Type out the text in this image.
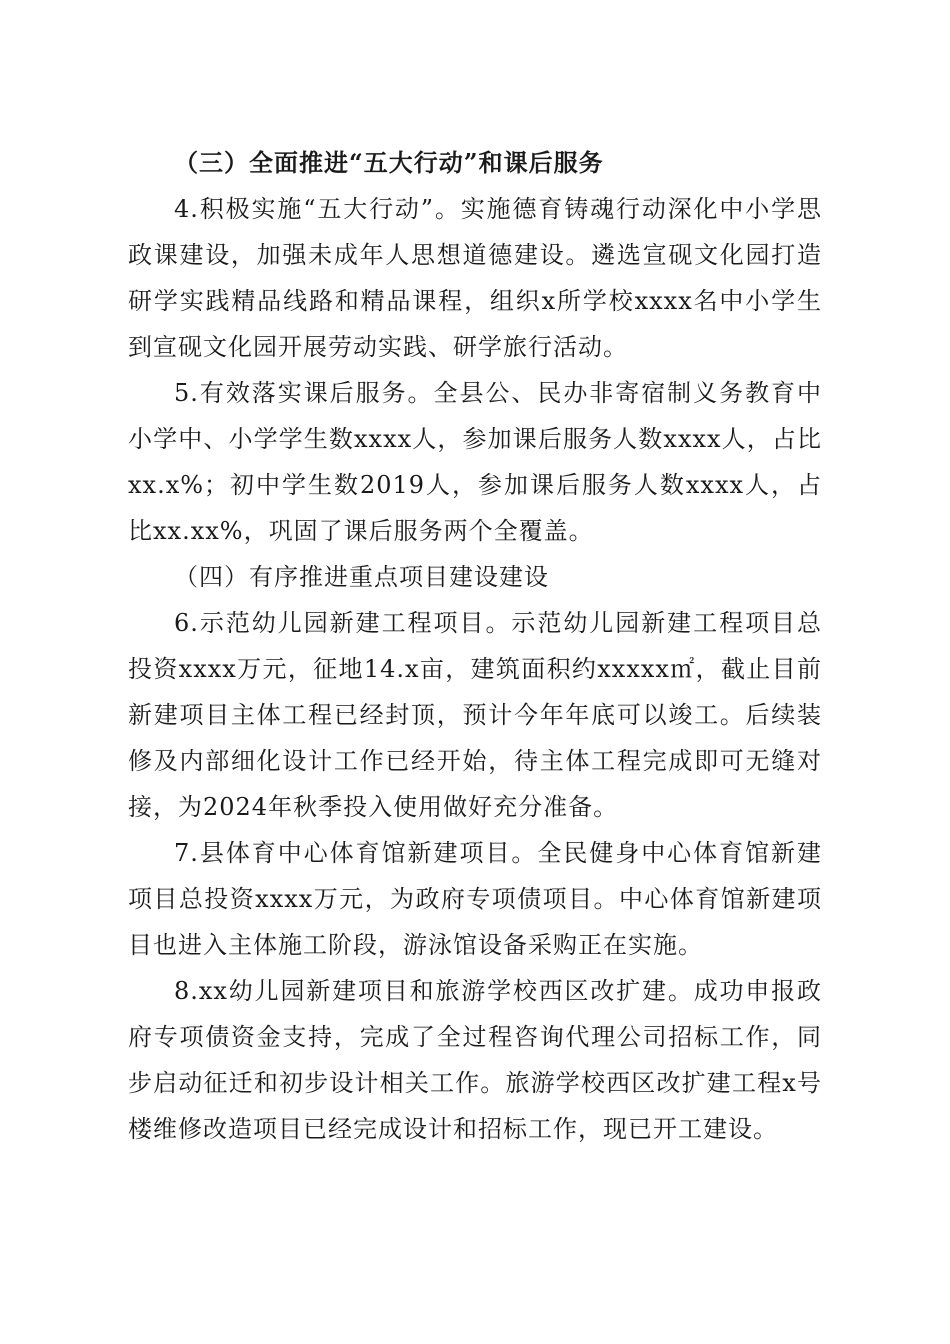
（三）全面推进“五大行动”和课后服务

4.积极实施“五大行动”。实施德育铸魂行动深化中小学思政课建设，加强未成年人思想道德建设。遴选宣砚文化园打造研学实践精品线路和精品课程，组织x所学校xxxx名中小学生到宣砚文化园开展劳动实践、研学旅行活动。

5.有效落实课后服务。全县公、民办非寄宿制义务教育中小学中、小学学生数xxxx人，参加课后服务人数xxxx人，占比xx.x%；初中学生数2019人，参加课后服务人数xxxx人，占比xx.xx%，巩固了课后服务两个全覆盖。

（四）有序推进重点项目建设建设

6.示范幼儿园新建工程项目。示范幼儿园新建工程项目总投资xxxx万元，征地14.x亩，建筑面积约xxxxx㎡，截止目前新建项目主体工程已经封顶，预计今年年底可以竣工。后续装修及内部细化设计工作已经开始，待主体工程完成即可无缝对接，为2024年秋季投入使用做好充分准备。

7.县体育中心体育馆新建项目。全民健身中心体育馆新建项目总投资xxxx万元，为政府专项债项目。中心体育馆新建项目也进入主体施工阶段，游泳馆设备采购正在实施。

8.xx幼儿园新建项目和旅游学校西区改扩建。成功申报政府专项债资金支持，完成了全过程咨询代理公司招标工作，同步启动征迁和初步设计相关工作。旅游学校西区改扩建工程x号楼维修改造项目已经完成设计和招标工作，现已开工建设。
